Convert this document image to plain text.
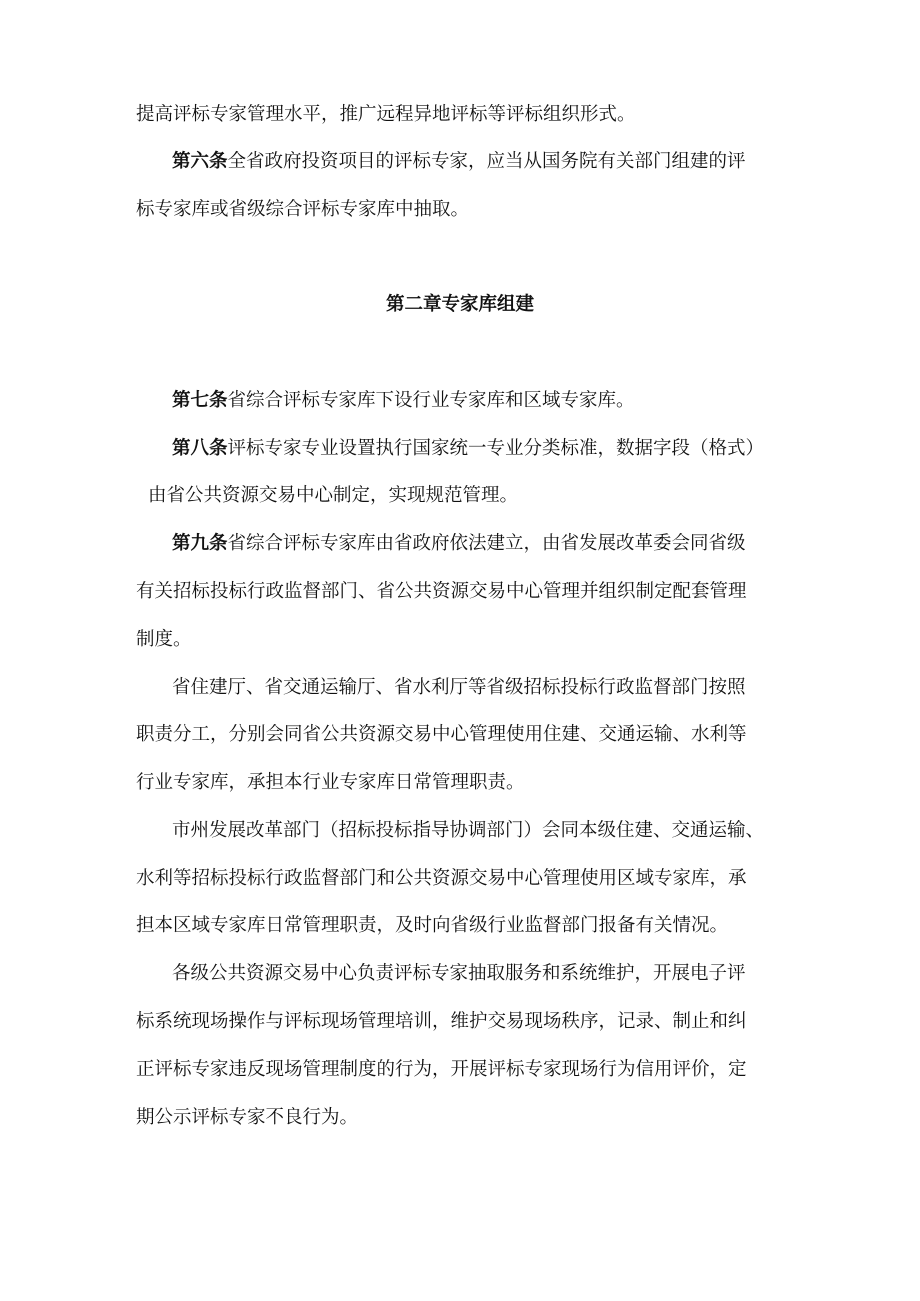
提高评标专家管理水平，推广远程异地评标等评标组织形式。

第六条全省政府投资项目的评标专家，应当从国务院有关部门组建的评

标专家库或省级综合评标专家库中抽取。

第二章专家库组建

第七条省综合评标专家库下设行业专家库和区域专家库。

第八条评标专家专业设置执行国家统一专业分类标准，数据字段（格式）

由省公共资源交易中心制定，实现规范管理。

第九条省综合评标专家库由省政府依法建立，由省发展改革委会同省级

有关招标投标行政监督部门、省公共资源交易中心管理并组织制定配套管理

制度。

省住建厅、省交通运输厅、省水利厅等省级招标投标行政监督部门按照

职责分工，分别会同省公共资源交易中心管理使用住建、交通运输、水利等

行业专家库，承担本行业专家库日常管理职责。

市州发展改革部门（招标投标指导协调部门）会同本级住建、交通运输、

水利等招标投标行政监督部门和公共资源交易中心管理使用区域专家库，承

担本区域专家库日常管理职责，及时向省级行业监督部门报备有关情况。

各级公共资源交易中心负责评标专家抽取服务和系统维护，开展电子评

标系统现场操作与评标现场管理培训，维护交易现场秩序，记录、制止和纠

正评标专家违反现场管理制度的行为，开展评标专家现场行为信用评价，定

期公示评标专家不良行为。
